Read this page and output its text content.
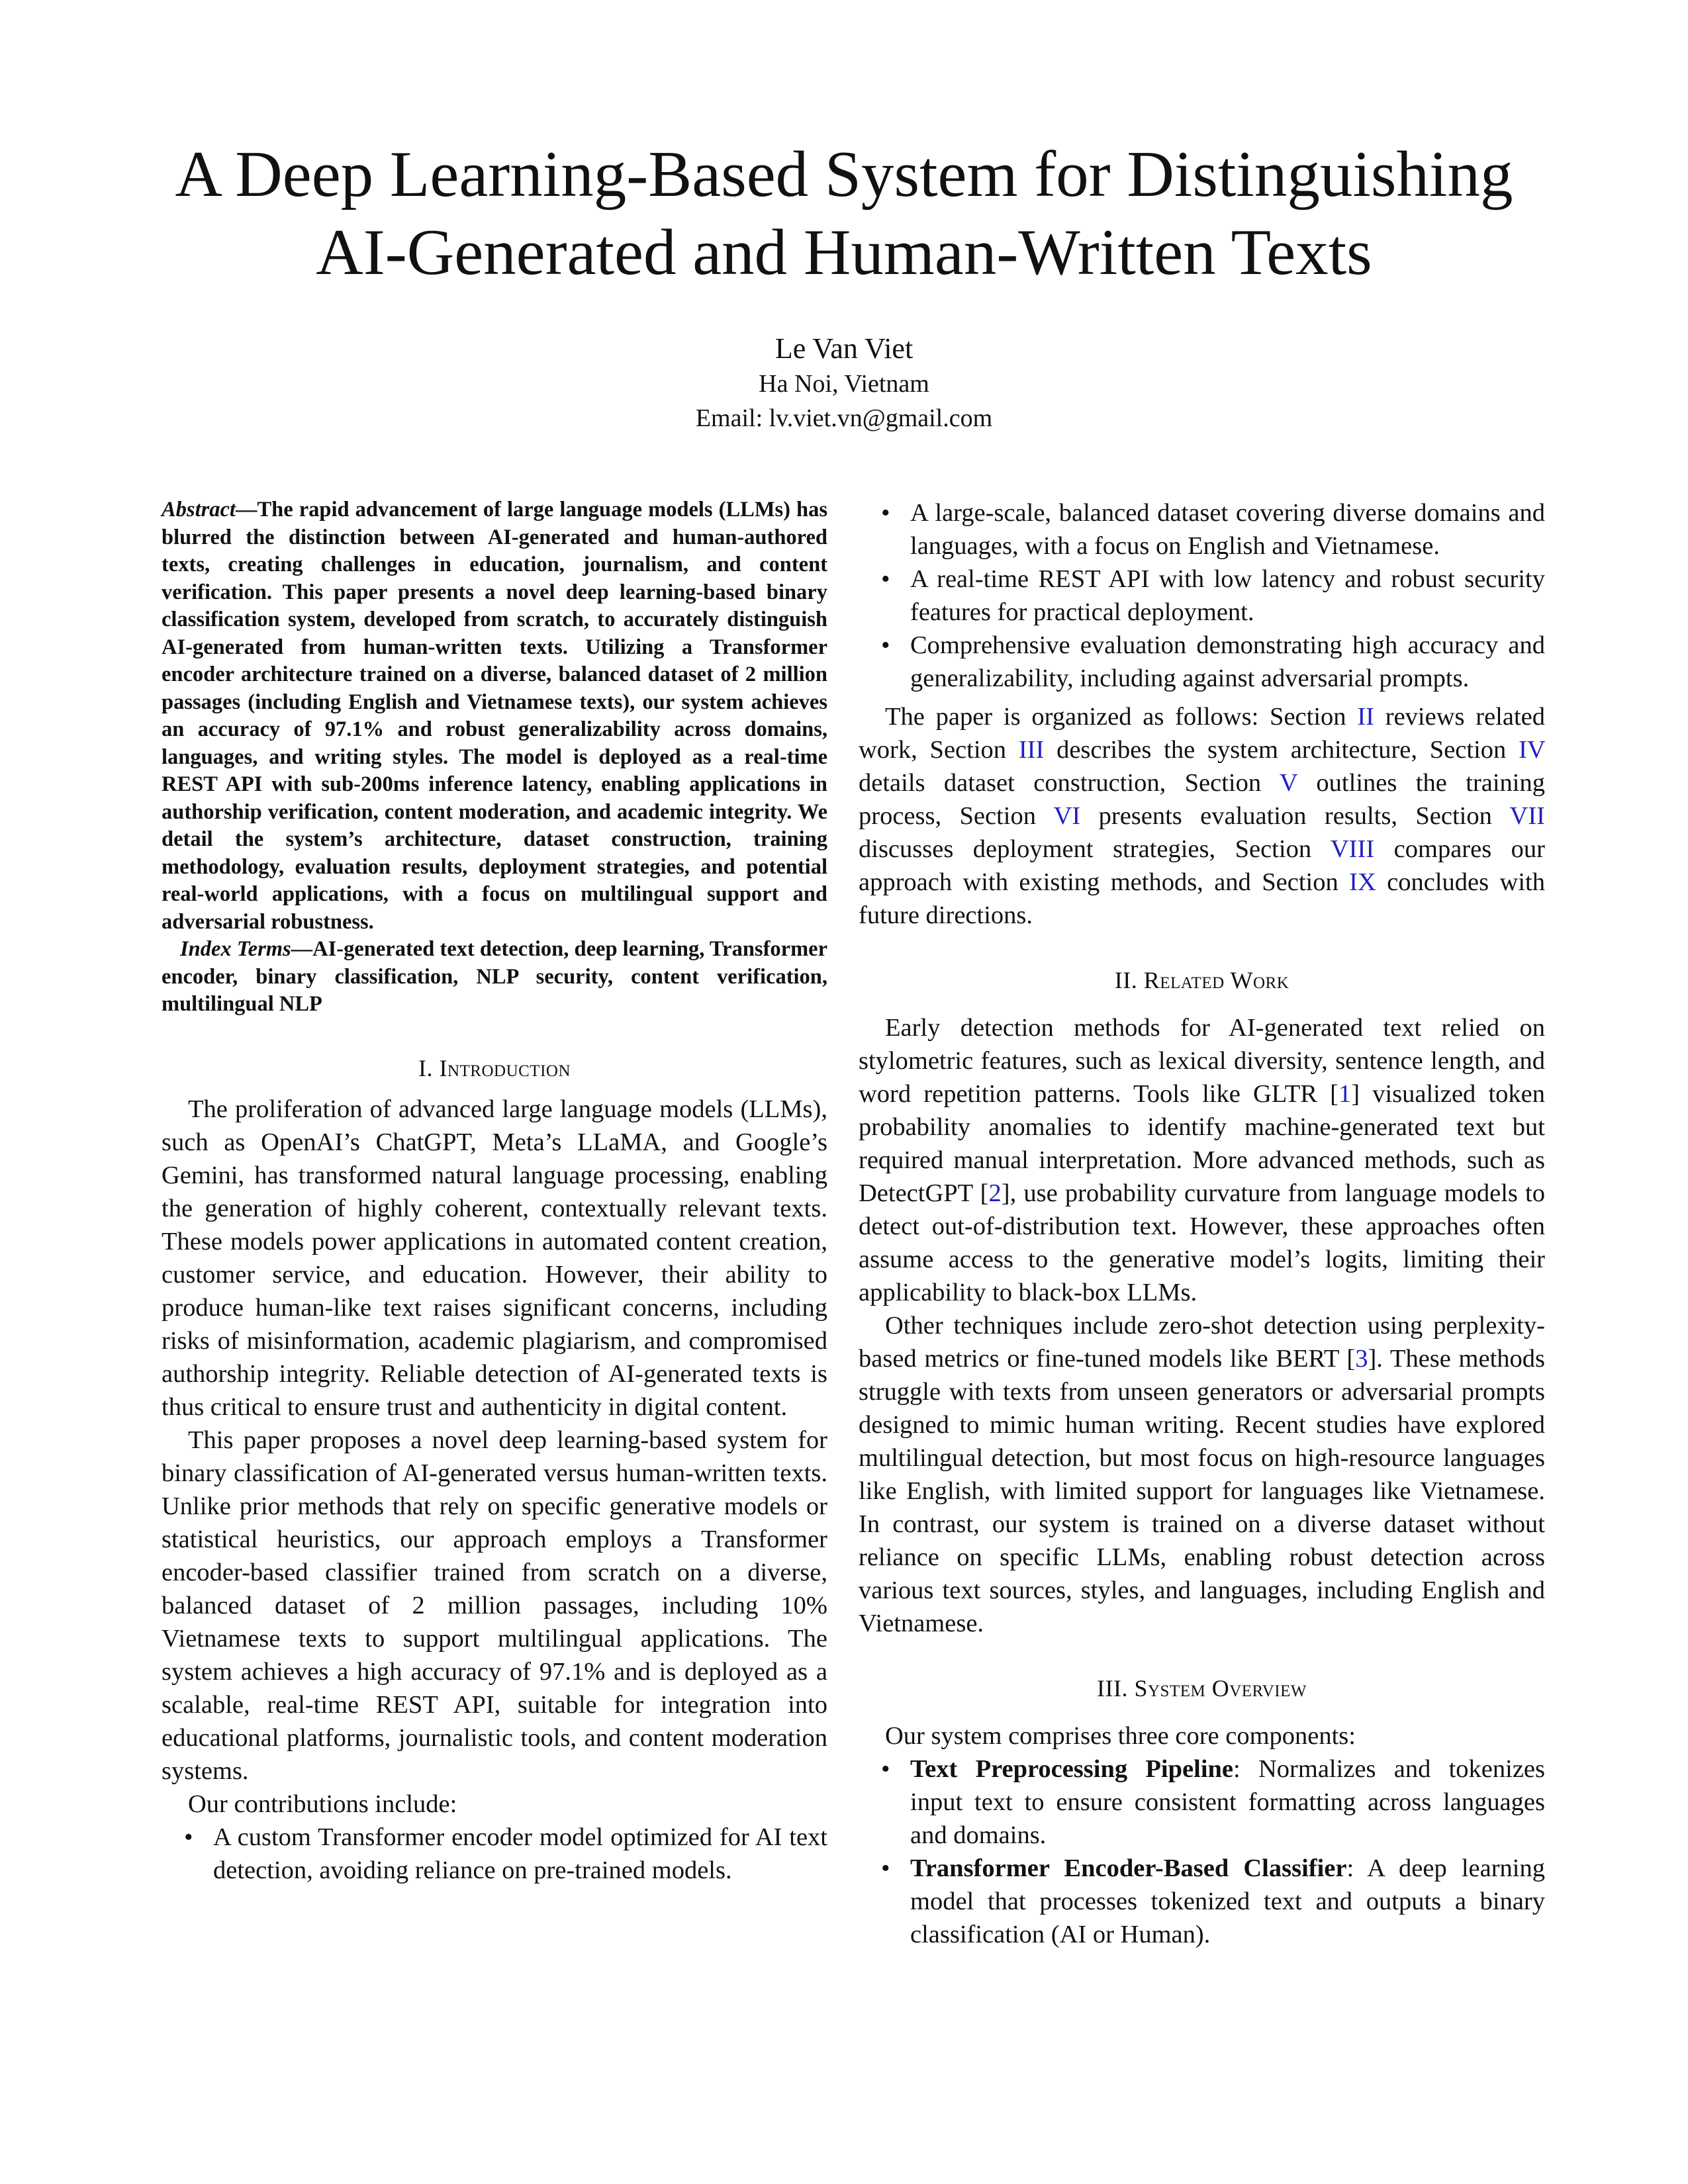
A Deep Learning-Based System for Distinguishing
AI-Generated and Human-Written Texts
Le Van Viet
Ha Noi, Vietnam
Email: lv.viet.vn@gmail.com

Abstract—The rapid advancement of large language models (LLMs) has blurred the distinction between AI-generated and human-authored texts, creating challenges in education, journalism, and content verification. This paper presents a novel deep learning-based binary classification system, developed from scratch, to accurately distinguish AI-generated from human-written texts. Utilizing a Transformer encoder architecture trained on a diverse, balanced dataset of 2 million passages (including English and Vietnamese texts), our system achieves an accuracy of 97.1% and robust generalizability across domains, languages, and writing styles. The model is deployed as a real-time REST API with sub-200ms inference latency, enabling applications in authorship verification, content moderation, and academic integrity. We detail the system’s architecture, dataset construction, training methodology, evaluation results, deployment strategies, and potential real-world applications, with a focus on multilingual support and adversarial robustness.

Index Terms—AI-generated text detection, deep learning, Transformer encoder, binary classification, NLP security, content verification, multilingual NLP

I. Introduction

The proliferation of advanced large language models (LLMs), such as OpenAI’s ChatGPT, Meta’s LLaMA, and Google’s Gemini, has transformed natural language processing, enabling the generation of highly coherent, contextually relevant texts. These models power applications in automated content creation, customer service, and education. However, their ability to produce human-like text raises significant concerns, including risks of misinformation, academic plagiarism, and compromised authorship integrity. Reliable detection of AI-generated texts is thus critical to ensure trust and authenticity in digital content.

This paper proposes a novel deep learning-based system for binary classification of AI-generated versus human-written texts. Unlike prior methods that rely on specific generative models or statistical heuristics, our approach employs a Transformer encoder-based classifier trained from scratch on a diverse, balanced dataset of 2 million passages, including 10% Vietnamese texts to support multilingual applications. The system achieves a high accuracy of 97.1% and is deployed as a scalable, real-time REST API, suitable for integration into educational platforms, journalistic tools, and content moderation systems.

Our contributions include:

• A custom Transformer encoder model optimized for AI text detection, avoiding reliance on pre-trained models.
• A large-scale, balanced dataset covering diverse domains and languages, with a focus on English and Vietnamese.
• A real-time REST API with low latency and robust security features for practical deployment.
• Comprehensive evaluation demonstrating high accuracy and generalizability, including against adversarial prompts.

The paper is organized as follows: Section II reviews related work, Section III describes the system architecture, Section IV details dataset construction, Section V outlines the training process, Section VI presents evaluation results, Section VII discusses deployment strategies, Section VIII compares our approach with existing methods, and Section IX concludes with future directions.

II. Related Work

Early detection methods for AI-generated text relied on stylometric features, such as lexical diversity, sentence length, and word repetition patterns. Tools like GLTR [1] visualized token probability anomalies to identify machine-generated text but required manual interpretation. More advanced methods, such as DetectGPT [2], use probability curvature from language models to detect out-of-distribution text. However, these approaches often assume access to the generative model’s logits, limiting their applicability to black-box LLMs.

Other techniques include zero-shot detection using perplexity-based metrics or fine-tuned models like BERT [3]. These methods struggle with texts from unseen generators or adversarial prompts designed to mimic human writing. Recent studies have explored multilingual detection, but most focus on high-resource languages like English, with limited support for languages like Vietnamese. In contrast, our system is trained on a diverse dataset without reliance on specific LLMs, enabling robust detection across various text sources, styles, and languages, including English and Vietnamese.

III. System Overview

Our system comprises three core components:

• Text Preprocessing Pipeline: Normalizes and tokenizes input text to ensure consistent formatting across languages and domains.
• Transformer Encoder-Based Classifier: A deep learning model that processes tokenized text and outputs a binary classification (AI or Human).
